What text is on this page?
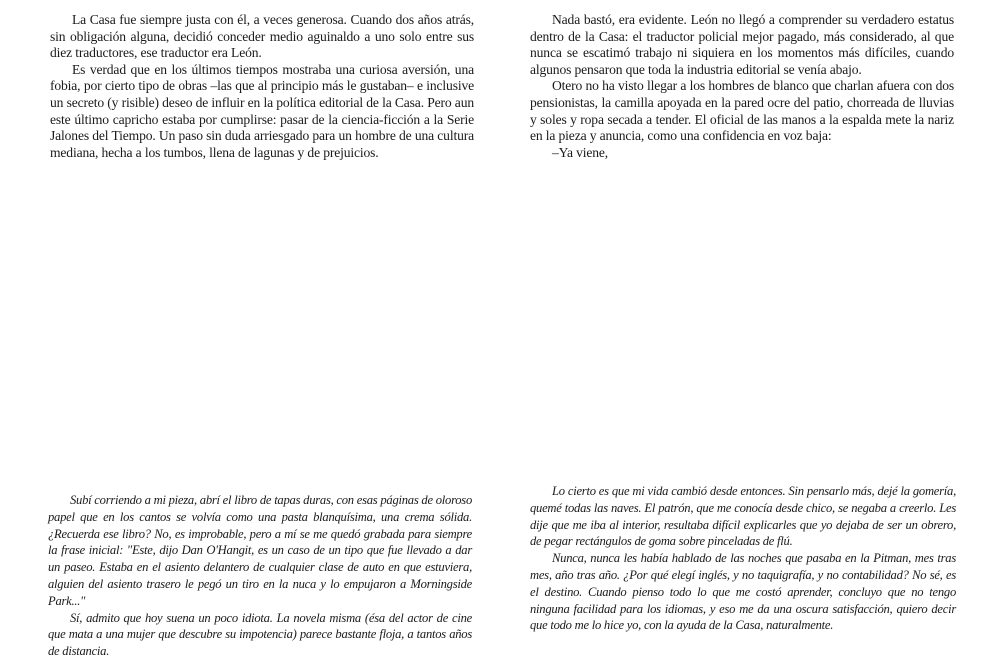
La Casa fue siempre justa con él, a veces generosa. Cuando dos años atrás, sin obligación alguna, decidió conceder medio aguinaldo a uno solo entre sus diez traductores, ese traductor era León.

Es verdad que en los últimos tiempos mostraba una curiosa aversión, una fobia, por cierto tipo de obras –las que al principio más le gustaban– e inclusive un secreto (y risible) deseo de influir en la política editorial de la Casa. Pero aun este último capricho estaba por cumplirse: pasar de la ciencia-ficción a la Serie Jalones del Tiempo. Un paso sin duda arriesgado para un hombre de una cultura mediana, hecha a los tumbos, llena de lagunas y de prejuicios.

Nada bastó, era evidente. León no llegó a comprender su verdadero estatus dentro de la Casa: el traductor policial mejor pagado, más considerado, al que nunca se escatimó trabajo ni siquiera en los momentos más difíciles, cuando algunos pensaron que toda la industria editorial se venía abajo.

Otero no ha visto llegar a los hombres de blanco que charlan afuera con dos pensionistas, la camilla apoyada en la pared ocre del patio, chorreada de lluvias y soles y ropa secada a tender. El oficial de las manos a la espalda mete la nariz en la pieza y anuncia, como una confidencia en voz baja:

–Ya viene,

Subí corriendo a mi pieza, abrí el libro de tapas duras, con esas páginas de oloroso papel que en los cantos se volvía como una pasta blanquísima, una crema sólida. ¿Recuerda ese libro? No, es improbable, pero a mí se me quedó grabada para siempre la frase inicial: "Este, dijo Dan O'Hangit, es un caso de un tipo que fue llevado a dar un paseo. Estaba en el asiento delantero de cualquier clase de auto en que estuviera, alguien del asiento trasero le pegó un tiro en la nuca y lo empujaron a Morningside Park..."

Sí, admito que hoy suena un poco idiota. La novela misma (ésa del actor de cine que mata a una mujer que descubre su impotencia) parece bastante floja, a tantos años de distancia.

Lo cierto es que mi vida cambió desde entonces. Sin pensarlo más, dejé la gomería, quemé todas las naves. El patrón, que me conocía desde chico, se negaba a creerlo. Les dije que me iba al interior, resultaba difícil explicarles que yo dejaba de ser un obrero, de pegar rectángulos de goma sobre pinceladas de flú.

Nunca, nunca les había hablado de las noches que pasaba en la Pitman, mes tras mes, año tras año. ¿Por qué elegí inglés, y no taquigrafía, y no contabilidad? No sé, es el destino. Cuando pienso todo lo que me costó aprender, concluyo que no tengo ninguna facilidad para los idiomas, y eso me da una oscura satisfacción, quiero decir que todo me lo hice yo, con la ayuda de la Casa, naturalmente.
